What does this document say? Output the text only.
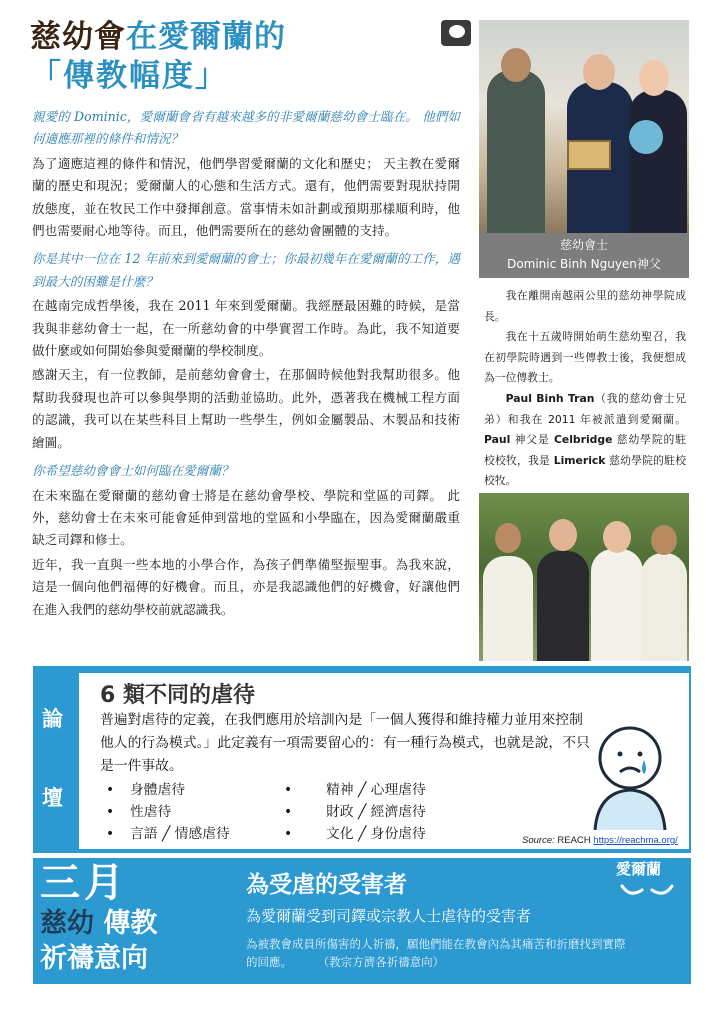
慈幼會在愛爾蘭的
「傳教幅度」

親愛的 Dominic，愛爾蘭會省有越來越多的非愛爾蘭慈幼會士臨在。 他們如何適應那裡的條件和情況？

為了適應這裡的條件和情況，他們學習愛爾蘭的文化和歷史； 天主教在愛爾蘭的歷史和現況；愛爾蘭人的心態和生活方式。還有，他們需要對現狀持開放態度，並在牧民工作中發揮創意。當事情未如計劃或預期那樣順利時，他們也需要耐心地等待。而且，他們需要所在的慈幼會團體的支持。

你是其中一位在 12 年前來到愛爾蘭的會士；你最初幾年在愛爾蘭的工作，遇到最大的困難是什麼？

在越南完成哲學後，我在 2011 年來到愛爾蘭。我經歷最困難的時候，是當我與非慈幼會士一起，在一所慈幼會的中學實習工作時。為此，我不知道要做什麼或如何開始參與愛爾蘭的學校制度。

感謝天主，有一位教師，是前慈幼會會士，在那個時候他對我幫助很多。他幫助我發現也許可以參與學期的活動並協助。此外，憑著我在機械工程方面的認識，我可以在某些科目上幫助一些學生，例如金屬製品、木製品和技術繪圖。

你希望慈幼會會士如何臨在愛爾蘭？

在未來臨在愛爾蘭的慈幼會士將是在慈幼會學校、學院和堂區的司鐸。 此外，慈幼會士在未來可能會延伸到當地的堂區和小學臨在，因為愛爾蘭嚴重缺乏司鐸和修士。

近年，我一直與一些本地的小學合作，為孩子們準備堅振聖事。為我來說，這是一個向他們福傳的好機會。而且，亦是我認識他們的好機會，好讓他們在進入我們的慈幼學校前就認識我。

慈幼會士
Dominic Binh Nguyen神父

我在離開南越兩公里的慈幼神學院成長。

我在十五歲時開始萌生慈幼聖召，我在初學院時遇到一些傳教士後，我便想成為一位傳教士。

Paul Binh Tran（我的慈幼會士兄弟）和我在 2011 年被派遣到愛爾蘭。Paul 神父是 Celbridge 慈幼學院的駐校校牧，我是 Limerick 慈幼學院的駐校校牧。

論
壇
6 類不同的虐待
普遍對虐待的定義，在我們應用於培訓內是「一個人獲得和維持權力並用來控制他人的行為模式。」此定義有一項需要留心的：有一種行為模式，也就是說，不只是一件事故。
•	身體虐待
•	性虐待
•	言語 ╱ 情感虐待
•	精神 ╱ 心理虐待
•	財政 ╱ 經濟虐待
•	文化 ╱ 身份虐待	Source: REACH https://reachma.org/
三月
慈幼 傳教
祈禱意向
為受虐的受害者
為愛爾蘭受到司鐸或宗教人士虐待的受害者
為被教會成員所傷害的人祈禱，願他們能在教會內為其痛苦和折磨找到實際的回應。 （教宗方濟各祈禱意向）
愛爾蘭
